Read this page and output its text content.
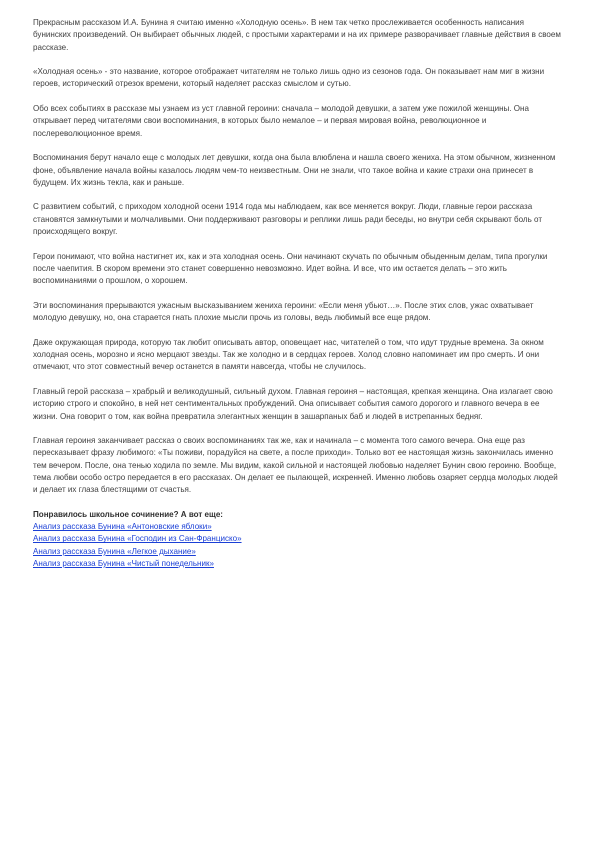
Прекрасным рассказом И.А. Бунина я считаю именно «Холодную осень». В нем так четко прослеживается особенность написания бунинских произведений. Он выбирает обычных людей, с простыми характерами и на их примере разворачивает главные действия в своем рассказе.

«Холодная осень» - это название, которое отображает читателям не только лишь одно из сезонов года. Он показывает нам миг в жизни героев, исторический отрезок времени, который наделяет рассказ смыслом и сутью.

Обо всех событиях в рассказе мы узнаем из уст главной героини: сначала – молодой девушки, а затем уже пожилой женщины. Она открывает перед читателями свои воспоминания, в которых было немалое – и первая мировая война, революционное и послереволюционное время.

Воспоминания берут начало еще с молодых лет девушки, когда она была влюблена и нашла своего жениха. На этом обычном, жизненном фоне, объявление начала войны казалось людям чем-то неизвестным. Они не знали, что такое война и какие страхи она принесет в будущем. Их жизнь текла, как и раньше.

С развитием событий, с приходом холодной осени 1914 года мы наблюдаем, как все меняется вокруг. Люди, главные герои рассказа становятся замкнутыми и молчаливыми. Они поддерживают разговоры и реплики лишь ради беседы, но внутри себя скрывают боль от происходящего вокруг.

Герои понимают, что война настигнет их, как и эта холодная осень. Они начинают скучать по обычным обыденным делам, типа прогулки после чаепития. В скором времени это станет совершенно невозможно. Идет война. И все, что им остается делать – это жить воспоминаниями о прошлом, о хорошем.

Эти воспоминания прерываются ужасным высказыванием жениха героини: «Если меня убьют…». После этих слов, ужас охватывает молодую девушку, но, она старается гнать плохие мысли прочь из головы, ведь любимый все еще рядом.

Даже окружающая природа, которую так любит описывать автор, оповещает нас, читателей о том, что идут трудные времена. За окном холодная осень, морозно и ясно мерцают звезды. Так же холодно и в сердцах героев. Холод словно напоминает им про смерть. И они отмечают, что этот совместный вечер останется в памяти навсегда, чтобы не случилось.

Главный герой рассказа – храбрый и великодушный, сильный духом. Главная героиня – настоящая, крепкая женщина. Она излагает свою историю строго и спокойно, в ней нет сентиментальных пробуждений. Она описывает события самого дорогого и главного вечера в ее жизни. Она говорит о том, как война превратила элегантных женщин в зашарпаных баб и людей в истрепанных бедняг.

Главная героиня заканчивает рассказ о своих воспоминаниях так же, как и начинала – с момента того самого вечера. Она еще раз пересказывает фразу любимого: «Ты поживи, порадуйся на свете, а после приходи». Только вот ее настоящая жизнь закончилась именно тем вечером. После, она тенью ходила по земле. Мы видим, какой сильной и настоящей любовью наделяет Бунин свою героиню. Вообще, тема любви особо остро передается в его рассказах. Он делает ее пылающей, искренней. Именно любовь озаряет сердца молодых людей и делает их глаза блестящими от счастья.

Понравилось школьное сочинение? А вот еще:

Анализ рассказа Бунина «Антоновские яблоки»
Анализ рассказа Бунина «Господин из Сан-Франциско»
Анализ рассказа Бунина «Легкое дыхание»
Анализ рассказа Бунина «Чистый понедельник»
